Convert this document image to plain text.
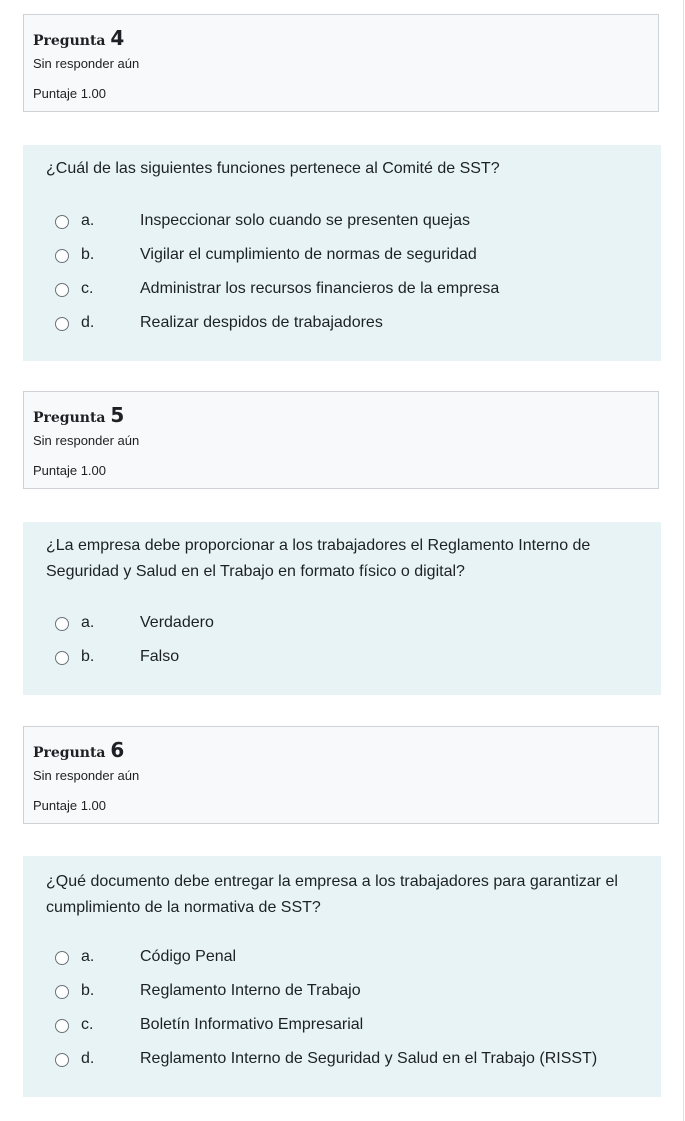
Pregunta 4
Sin responder aún
Puntaje 1.00
¿Cuál de las siguientes funciones pertenece al Comité de SST?
a.	Inspeccionar solo cuando se presenten quejas
b.	Vigilar el cumplimiento de normas de seguridad
c.	Administrar los recursos financieros de la empresa
d.	Realizar despidos de trabajadores
Pregunta 5
Sin responder aún
Puntaje 1.00
¿La empresa debe proporcionar a los trabajadores el Reglamento Interno de Seguridad y Salud en el Trabajo en formato físico o digital?
a.	Verdadero
b.	Falso
Pregunta 6
Sin responder aún
Puntaje 1.00
¿Qué documento debe entregar la empresa a los trabajadores para garantizar el cumplimiento de la normativa de SST?
a.	Código Penal
b.	Reglamento Interno de Trabajo
c.	Boletín Informativo Empresarial
d.	Reglamento Interno de Seguridad y Salud en el Trabajo (RISST)
